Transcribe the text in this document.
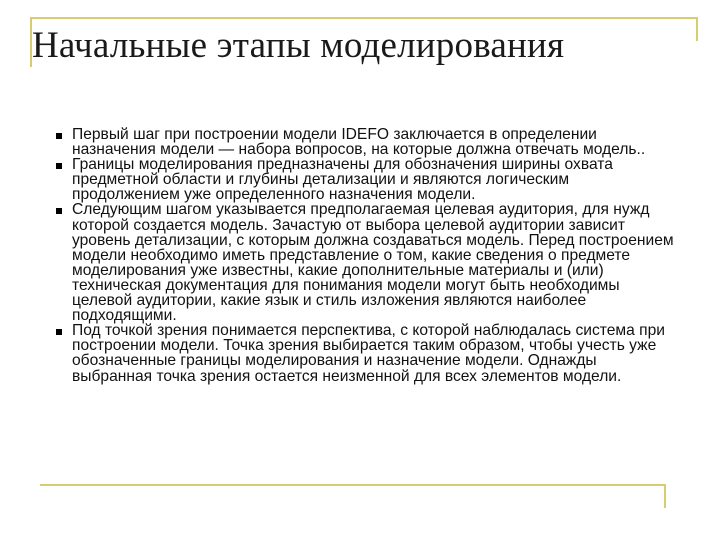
Начальные этапы моделирования
Первый шаг при построении модели IDEFO заключается в определении назначения модели — набора вопросов, на которые должна отвечать модель..
Границы моделирования предназначены для обозначения ширины охвата предметной области и глубины детализации и являются логическим продолжением уже определенного назначения модели.
Следующим шагом указывается предполагаемая целевая аудитория, для нужд которой создается модель. Зачастую от выбора целевой аудитории зависит уровень детализации, с которым должна создаваться модель. Перед построением модели необходимо иметь представление о том, какие сведения о предмете моделирования уже известны, какие дополнительные материалы и (или) техническая документация для понимания модели могут быть необходимы целевой аудитории, какие язык и стиль изложения являются наиболее подходящими.
Под точкой зрения понимается перспектива, с которой наблюдалась система при построении модели. Точка зрения выбирается таким образом, чтобы учесть уже обозначенные границы моделирования и назначение модели. Однажды выбранная точка зрения остается неизменной для всех элементов модели.
